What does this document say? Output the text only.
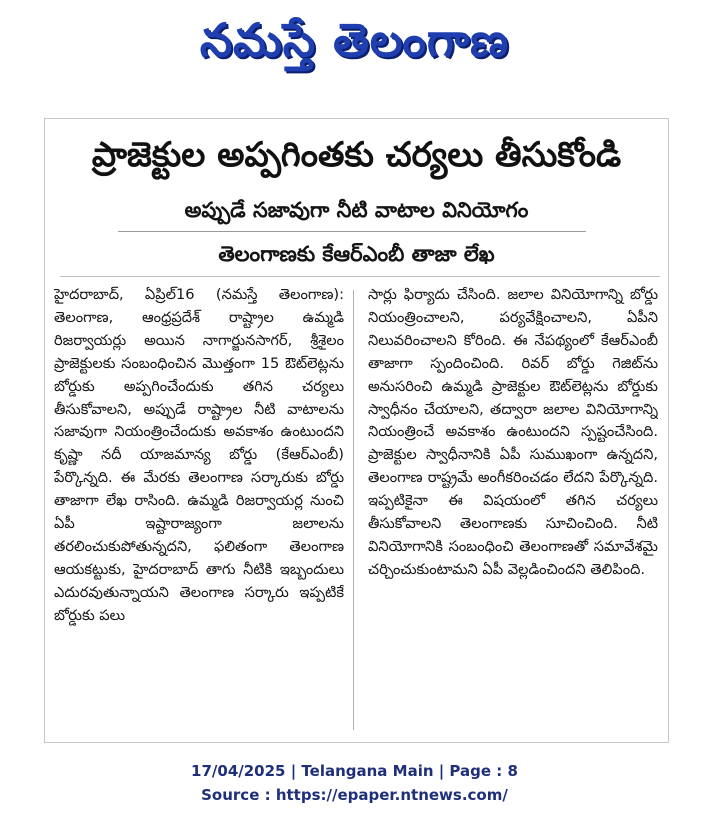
నమస్తే తెలంగాణ
ప్రాజెక్టుల అప్పగింతకు చర్యలు తీసుకోండి
అప్పుడే సజావుగా నీటి వాటాల వినియోగం
తెలంగాణకు కేఆర్ఎంబీ తాజా లేఖ
హైదరాబాద్, ఏప్రిల్16 (నమస్తే తెలంగాణ): తెలంగాణ, ఆంధ్రప్రదేశ్ రాష్ట్రాల ఉమ్మడి రిజర్వాయర్లు అయిన నాగార్జునసాగర్, శ్రీశైలం ప్రాజెక్టులకు సంబంధించిన మొత్తంగా 15 ఔట్‌లెట్లను బోర్డుకు అప్పగించేందుకు తగిన చర్యలు తీసుకోవాలని, అప్పుడే రాష్ట్రాల నీటి వాటాలను సజావుగా నియంత్రించేందుకు అవకాశం ఉంటుందని కృష్ణా నదీ యాజమాన్య బోర్డు (కేఆర్ఎంబీ) పేర్కొన్నది. ఈ మేరకు తెలంగాణ సర్కారుకు బోర్డు తాజాగా లేఖ రాసింది. ఉమ్మడి రిజర్వాయర్ల నుంచి ఏపీ ఇష్టారాజ్యంగా జలాలను తరలించుకుపోతున్నదని, ఫలితంగా తెలంగాణ ఆయకట్టుకు, హైదరాబాద్ తాగు నీటికి ఇబ్బందులు ఎదురవుతున్నాయని తెలంగాణ సర్కారు ఇప్పటికే బోర్డుకు పలు
సార్లు ఫిర్యాదు చేసింది. జలాల వినియోగాన్ని బోర్డు నియంత్రించాలని, పర్యవేక్షించాలని, ఏపీని నిలువరించాలని కోరింది. ఈ నేపథ్యంలో కేఆర్ఎంబీ తాజాగా స్పందించింది. రివర్ బోర్డు గెజిట్‌ను అనుసరించి ఉమ్మడి ప్రాజెక్టుల ఔట్‌లెట్లను బోర్డుకు స్వాధీనం చేయాలని, తద్వారా జలాల వినియోగాన్ని నియంత్రించే అవకాశం ఉంటుందని స్పష్టంచేసింది. ప్రాజెక్టుల స్వాధీనానికి ఏపీ సుముఖంగా ఉన్నదని, తెలంగాణ రాష్ట్రమే అంగీకరించడం లేదని పేర్కొన్నది. ఇప్పటికైనా ఈ విషయంలో తగిన చర్యలు తీసుకోవాలని తెలంగాణకు సూచించింది. నీటి వినియోగానికి సంబంధించి తెలంగాణతో సమావేశమై చర్చించుకుంటామని ఏపీ వెల్లడించిందని తెలిపింది.
17/04/2025 | Telangana Main | Page : 8
Source : https://epaper.ntnews.com/
